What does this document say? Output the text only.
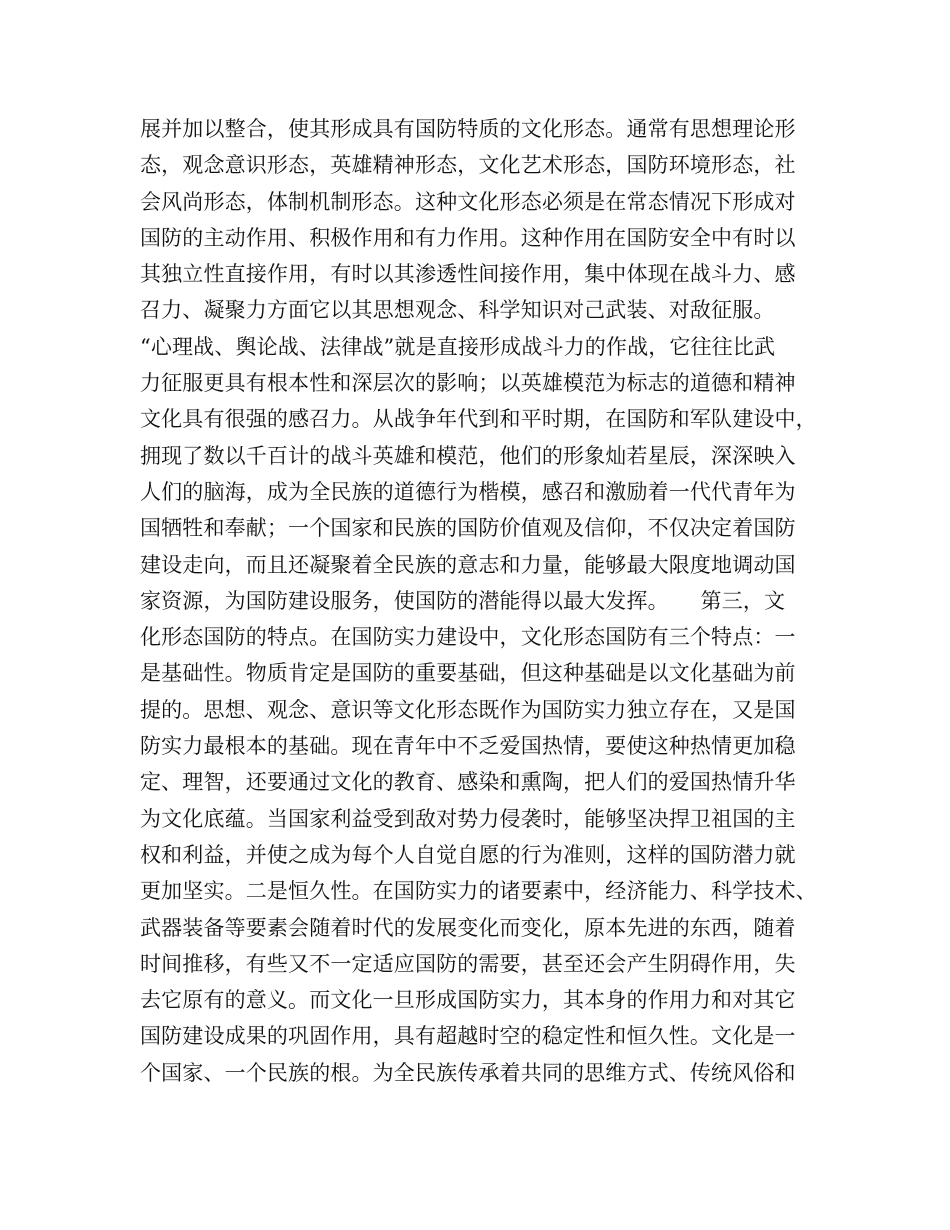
展并加以整合，使其形成具有国防特质的文化形态。通常有思想理论形
态，观念意识形态，英雄精神形态，文化艺术形态，国防环境形态，社
会风尚形态，体制机制形态。这种文化形态必须是在常态情况下形成对
国防的主动作用、积极作用和有力作用。这种作用在国防安全中有时以
其独立性直接作用，有时以其渗透性间接作用，集中体现在战斗力、感
召力、凝聚力方面它以其思想观念、科学知识对己武装、对敌征服。
“心理战、舆论战、法律战”就是直接形成战斗力的作战，它往往比武
力征服更具有根本性和深层次的影响；以英雄模范为标志的道德和精神
文化具有很强的感召力。从战争年代到和平时期，在国防和军队建设中，
拥现了数以千百计的战斗英雄和模范，他们的形象灿若星辰，深深映入
人们的脑海，成为全民族的道德行为楷模，感召和激励着一代代青年为
国牺牲和奉献；一个国家和民族的国防价值观及信仰，不仅决定着国防
建设走向，而且还凝聚着全民族的意志和力量，能够最大限度地调动国
家资源，为国防建设服务，使国防的潜能得以最大发挥。　　第三，文
化形态国防的特点。在国防实力建设中，文化形态国防有三个特点：一
是基础性。物质肯定是国防的重要基础，但这种基础是以文化基础为前
提的。思想、观念、意识等文化形态既作为国防实力独立存在，又是国
防实力最根本的基础。现在青年中不乏爱国热情，要使这种热情更加稳
定、理智，还要通过文化的教育、感染和熏陶，把人们的爱国热情升华
为文化底蕴。当国家利益受到敌对势力侵袭时，能够坚决捍卫祖国的主
权和利益，并使之成为每个人自觉自愿的行为准则，这样的国防潜力就
更加坚实。二是恒久性。在国防实力的诸要素中，经济能力、科学技术、
武器装备等要素会随着时代的发展变化而变化，原本先进的东西，随着
时间推移，有些又不一定适应国防的需要，甚至还会产生阴碍作用，失
去它原有的意义。而文化一旦形成国防实力，其本身的作用力和对其它
国防建设成果的巩固作用，具有超越时空的稳定性和恒久性。文化是一
个国家、一个民族的根。为全民族传承着共同的思维方式、传统风俗和
